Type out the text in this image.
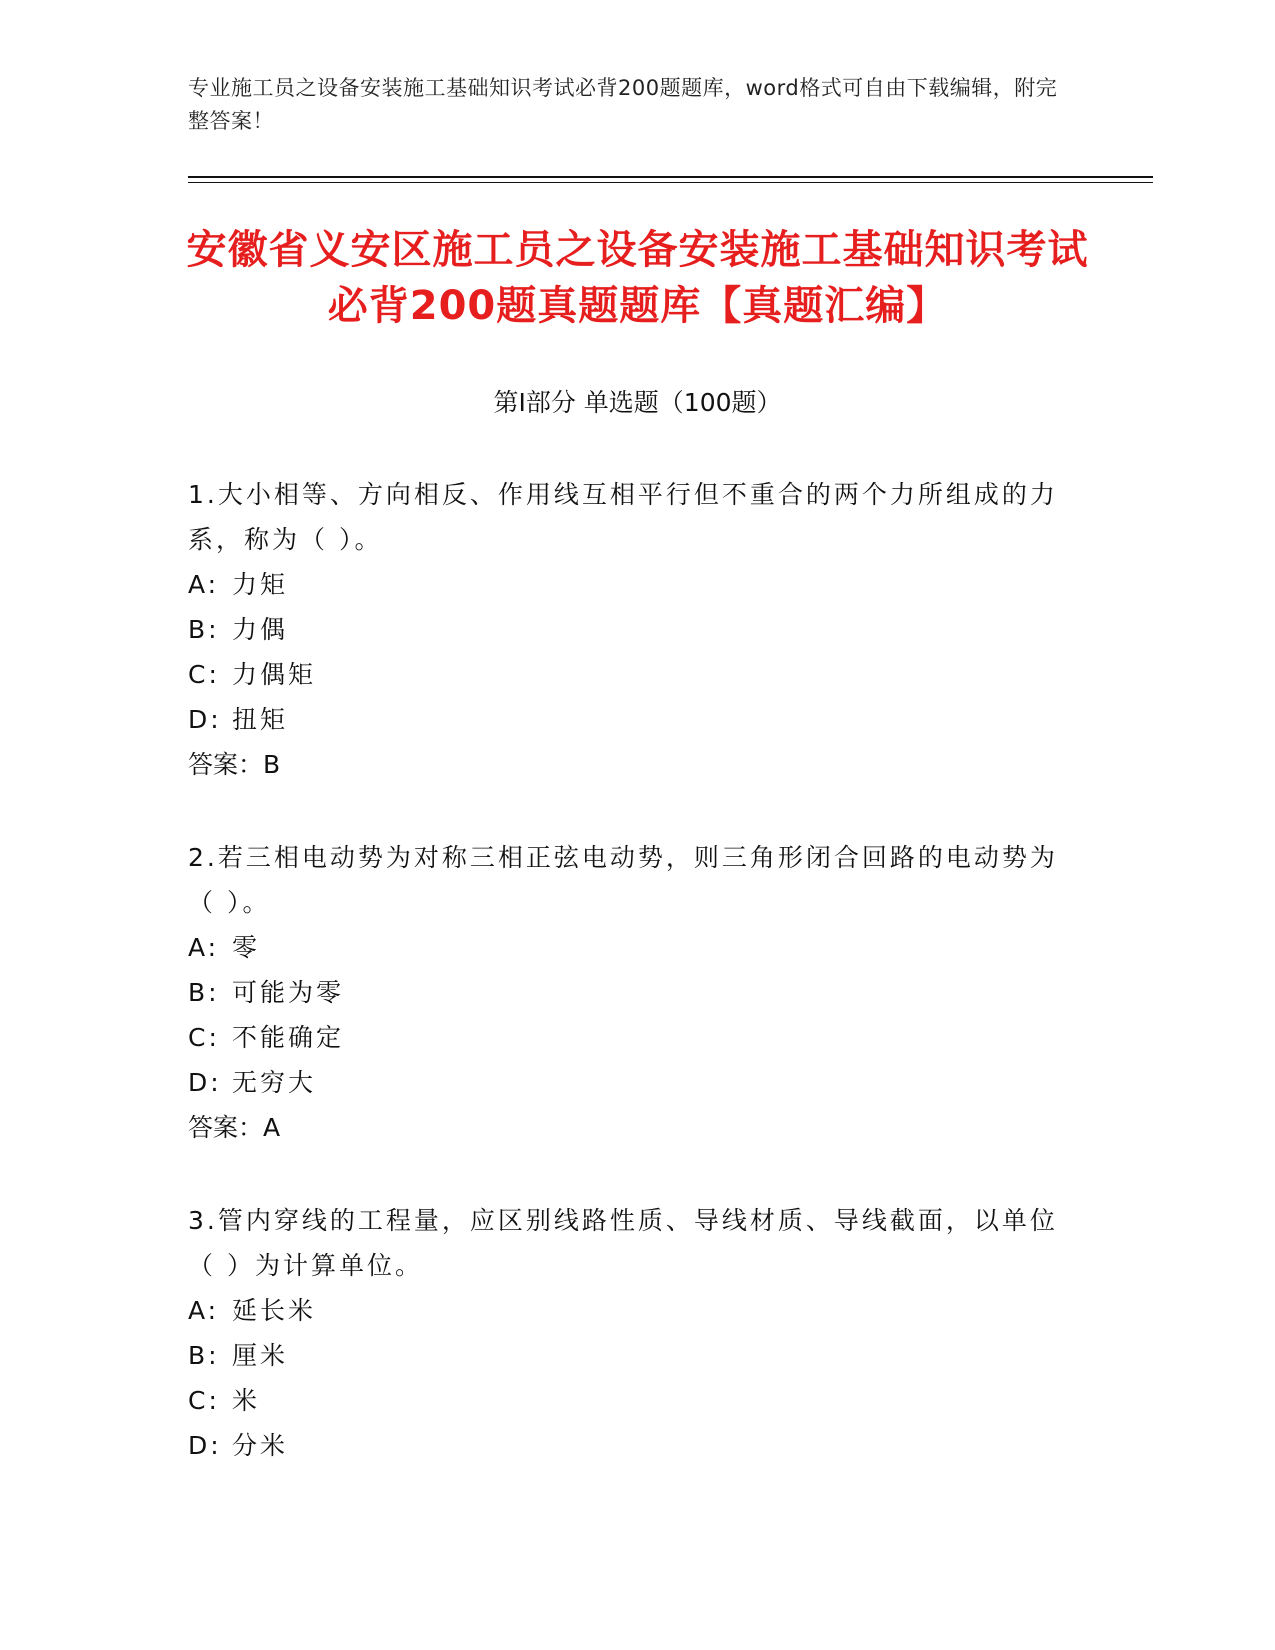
专业施工员之设备安装施工基础知识考试必背200题题库，word格式可自由下载编辑，附完整答案！
安徽省义安区施工员之设备安装施工基础知识考试必背200题真题题库【真题汇编】
第I部分 单选题（100题）

1.大小相等、方向相反、作用线互相平行但不重合的两个力所组成的力系，称为（ ）。

A: 力矩

B: 力偶

C: 力偶矩

D: 扭矩

答案：B

2.若三相电动势为对称三相正弦电动势，则三角形闭合回路的电动势为（ ）。

A: 零

B: 可能为零

C: 不能确定

D: 无穷大

答案：A

3.管内穿线的工程量，应区别线路性质、导线材质、导线截面，以单位（ ）为计算单位。

A: 延长米

B: 厘米

C: 米

D: 分米
